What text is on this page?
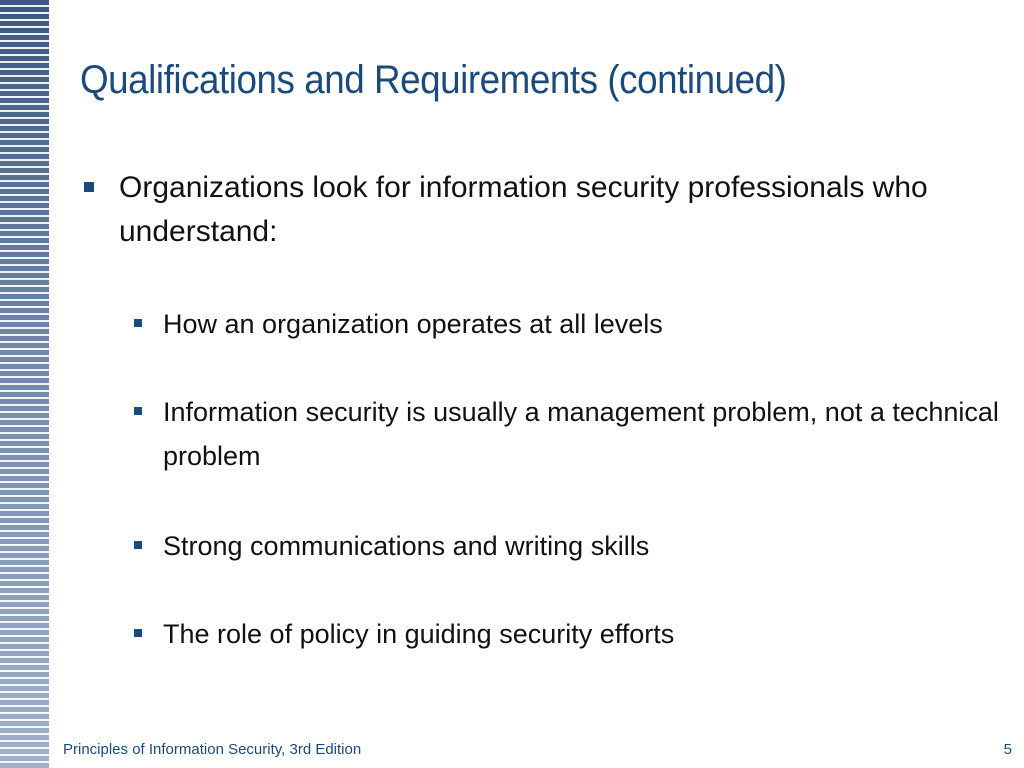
Qualifications and Requirements (continued)
Organizations look for information security professionals who understand:
How an organization operates at all levels
Information security is usually a management problem, not a technical problem
Strong communications and writing skills
The role of policy in guiding security efforts
Principles of Information Security, 3rd Edition	5
